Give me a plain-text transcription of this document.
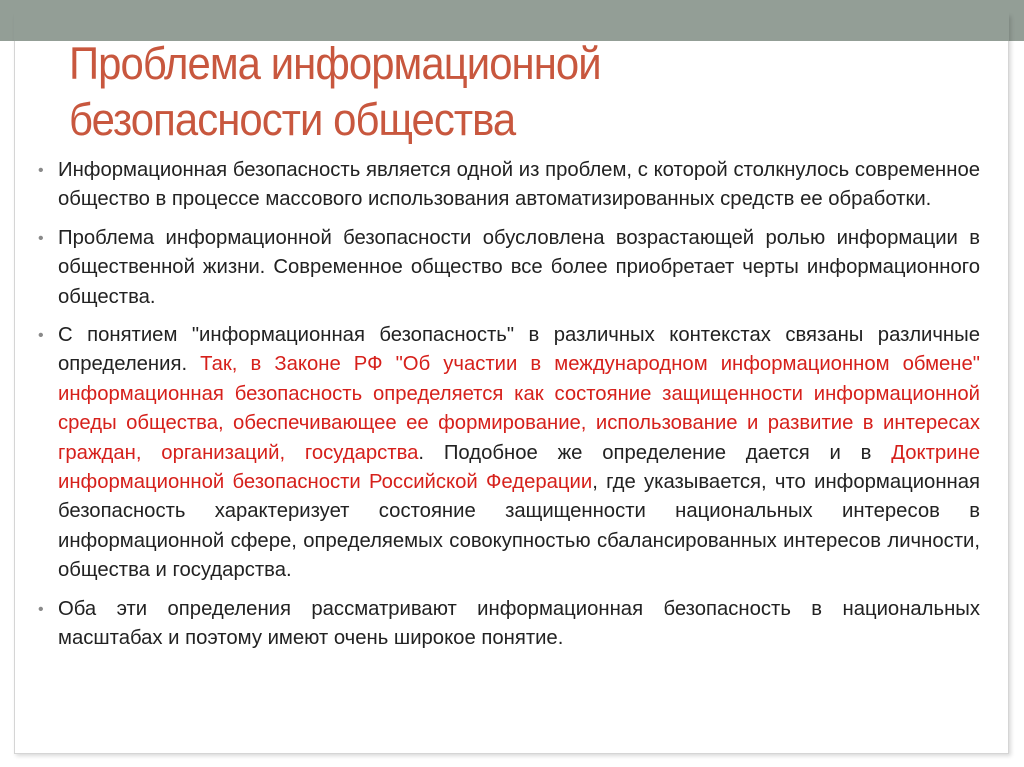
Проблема информационной
безопасности общества
• Информационная безопасность является одной из проблем, с которой столкнулось современное общество в процессе массового использования автоматизированных средств ее обработки.
• Проблема информационной безопасности обусловлена возрастающей ролью информации в общественной жизни. Современное общество все более приобретает черты информационного общества.
• С понятием "информационная безопасность" в различных контекстах связаны различные определения. Так, в Законе РФ "Об участии в международном информационном обмене" информационная безопасность определяется как состояние защищенности информационной среды общества, обеспечивающее ее формирование, использование и развитие в интересах граждан, организаций, государства. Подобное же определение дается и в Доктрине информационной безопасности Российской Федерации, где указывается, что информационная безопасность характеризует состояние защищенности национальных интересов в информационной сфере, определяемых совокупностью сбалансированных интересов личности, общества и государства.
• Оба эти определения рассматривают информационная безопасность в национальных масштабах и поэтому имеют очень широкое понятие.
